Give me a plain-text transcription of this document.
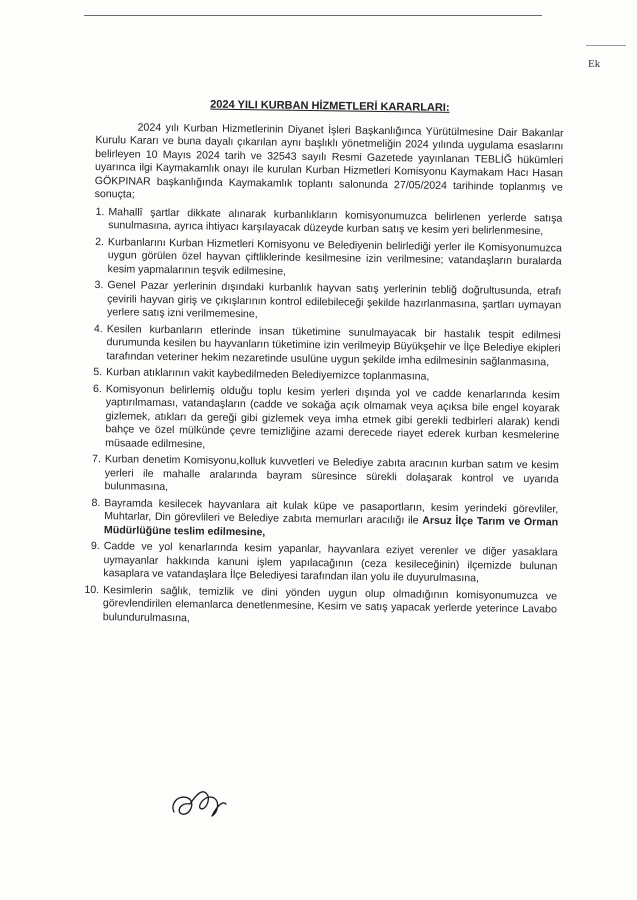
Ek
2024 YILI KURBAN HİZMETLERİ KARARLARI:
2024 yılı Kurban Hizmetlerinin Diyanet İşleri Başkanlığınca Yürütülmesine Dair Bakanlar Kurulu Kararı ve buna dayalı çıkarılan aynı başlıklı yönetmeliğin 2024 yılında uygulama esaslarını belirleyen 10 Mayıs 2024 tarih ve 32543 sayılı Resmi Gazetede yayınlanan TEBLİĞ hükümleri uyarınca ilgi Kaymakamlık onayı ile kurulan Kurban Hizmetleri Komisyonu Kaymakam Hacı Hasan GÖKPINAR başkanlığında Kaymakamlık toplantı salonunda 27/05/2024 tarihinde toplanmış ve sonuçta;
1. Mahallî şartlar dikkate alınarak kurbanlıkların komisyonumuzca belirlenen yerlerde satışa sunulmasına, ayrıca ihtiyacı karşılayacak düzeyde kurban satış ve kesim yeri belirlenmesine,
2. Kurbanlarını Kurban Hizmetleri Komisyonu ve Belediyenin belirlediği yerler ile Komisyonumuzca uygun görülen özel hayvan çiftliklerinde kesilmesine izin verilmesine; vatandaşların buralarda kesim yapmalarının teşvik edilmesine,
3. Genel Pazar yerlerinin dışındaki kurbanlık hayvan satış yerlerinin tebliğ doğrultusunda, etrafı çevirili hayvan giriş ve çıkışlarının kontrol edilebileceği şekilde hazırlanmasına, şartları uymayan yerlere satış izni verilmemesine,
4. Kesilen kurbanların etlerinde insan tüketimine sunulmayacak bir hastalık tespit edilmesi durumunda kesilen bu hayvanların tüketimine izin verilmeyip Büyükşehir ve İlçe Belediye ekipleri tarafından veteriner hekim nezaretinde usulüne uygun şekilde imha edilmesinin sağlanmasına,
5. Kurban atıklarının vakit kaybedilmeden Belediyemizce toplanmasına,
6. Komisyonun belirlemiş olduğu toplu kesim yerleri dışında yol ve cadde kenarlarında kesim yaptırılmaması, vatandaşların (cadde ve sokağa açık olmamak veya açıksa bile engel koyarak gizlemek, atıkları da gereği gibi gizlemek veya imha etmek gibi gerekli tedbirleri alarak) kendi bahçe ve özel mülkünde çevre temizliğine azami derecede riayet ederek kurban kesmelerine müsaade edilmesine,
7. Kurban denetim Komisyonu,kolluk kuvvetleri ve Belediye zabıta aracının kurban satım ve kesim yerleri ile mahalle aralarında bayram süresince sürekli dolaşarak kontrol ve uyarıda bulunmasına,
8. Bayramda kesilecek hayvanlara ait kulak küpe ve pasaportların, kesim yerindeki görevliler, Muhtarlar, Din görevlileri ve Belediye zabıta memurları aracılığı ile Arsuz İlçe Tarım ve Orman Müdürlüğüne teslim edilmesine,
9. Cadde ve yol kenarlarında kesim yapanlar, hayvanlara eziyet verenler ve diğer yasaklara uymayanlar hakkında kanuni işlem yapılacağının (ceza kesileceğinin) ilçemizde bulunan kasaplara ve vatandaşlara İlçe Belediyesi tarafından ilan yolu ile duyurulmasına,
10. Kesimlerin sağlık, temizlik ve dini yönden uygun olup olmadığının komisyonumuzca ve görevlendirilen elemanlarca denetlenmesine, Kesim ve satış yapacak yerlerde yeterince Lavabo bulundurulmasına,
